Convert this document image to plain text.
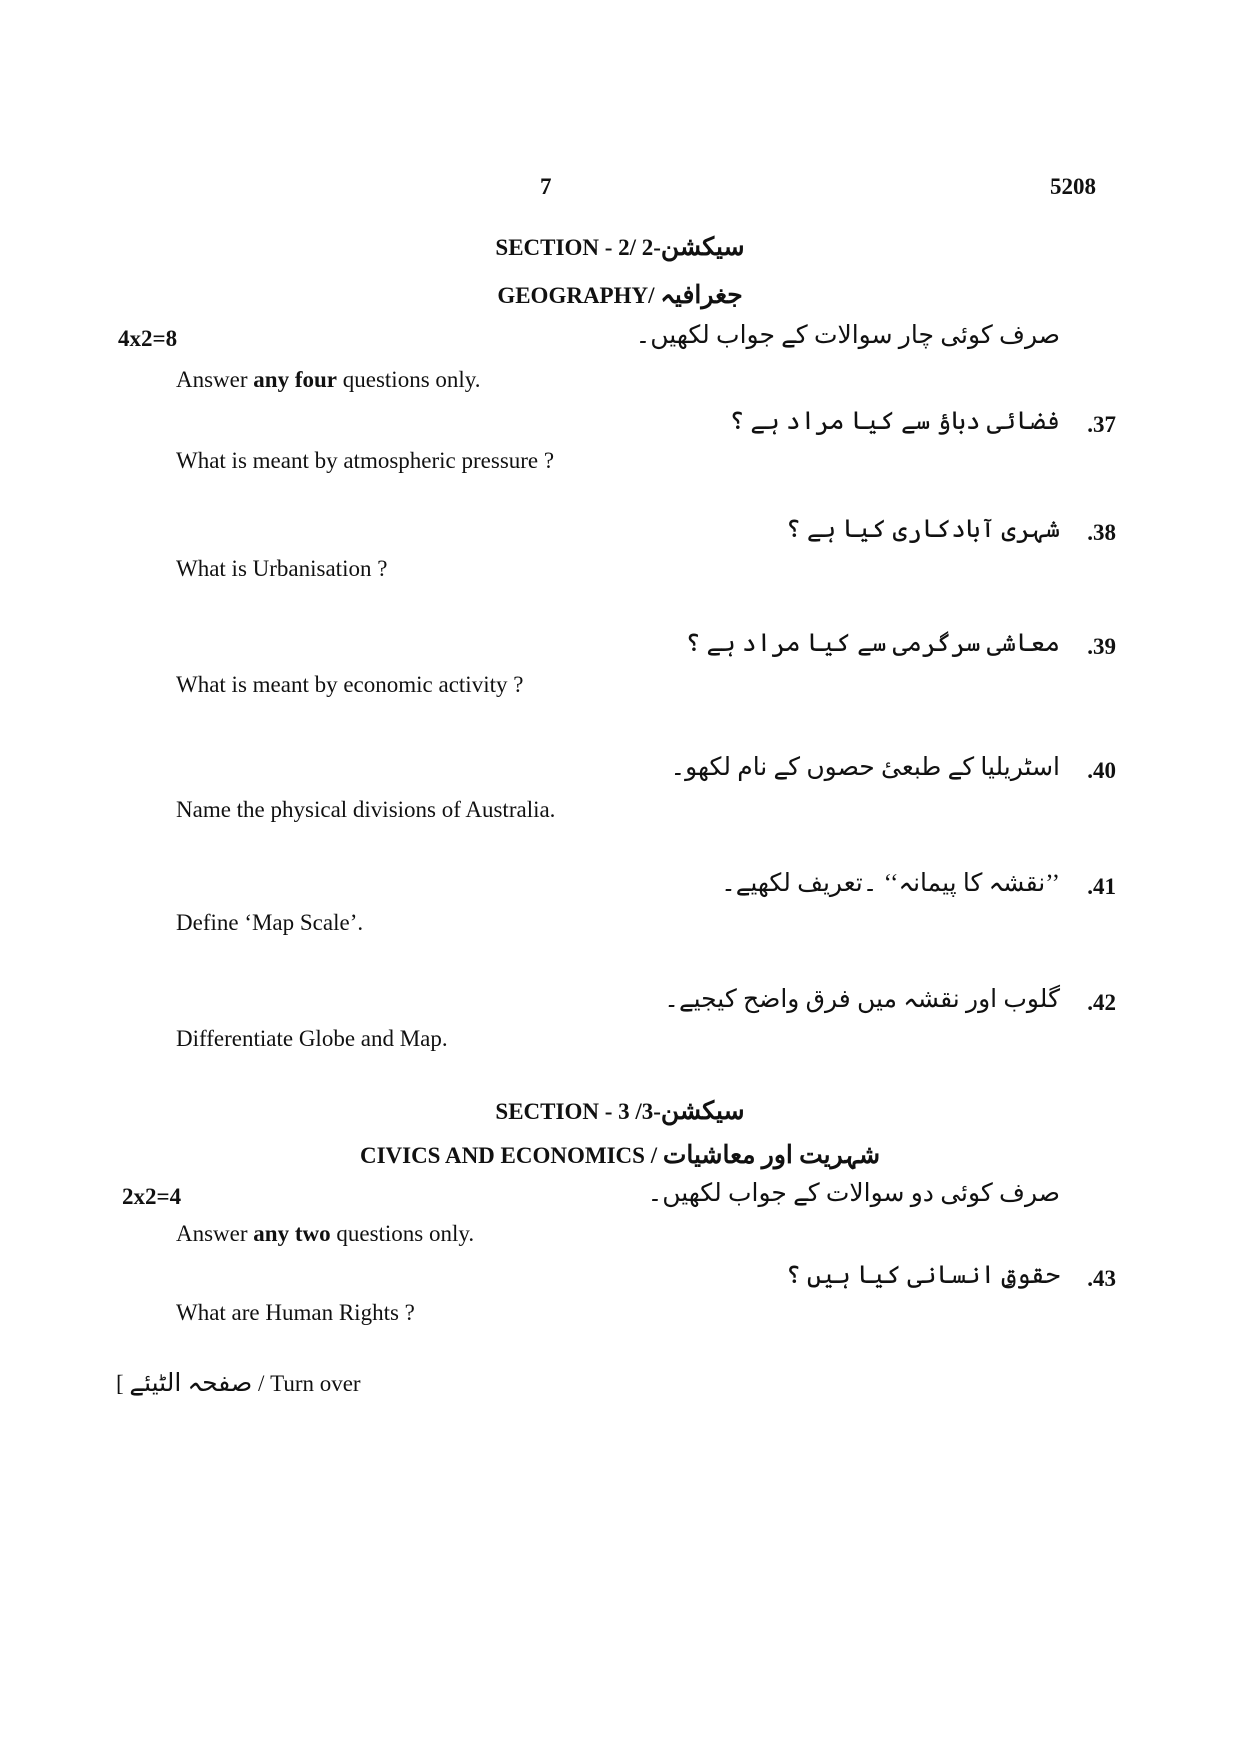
7	5208
SECTION - 2/ 2-سیکشن
GEOGRAPHY/ جغرافیہ
4x2=8	صرف کوئی چار سوالات کے جواب لکھیں۔
Answer any four questions only.
.37
فضائی دباؤ سے کیا مراد ہے ؟
What is meant by atmospheric pressure ?
.38
شہری آبادکاری کیا ہے ؟
What is Urbanisation ?
.39
معاشی سرگرمی سے کیا مراد ہے ؟
What is meant by economic activity ?
.40
اسٹریلیا کے طبعیٔ حصوں کے نام لکھو۔
Name the physical divisions of Australia.
.41
’’نقشہ کا پیمانہ‘‘ ۔تعریف لکھیے۔
Define ‘Map Scale’.
.42
گلوب اور نقشہ میں فرق واضح کیجیے۔
Differentiate Globe and Map.
SECTION - 3 /3-سیکشن
CIVICS AND ECONOMICS / شہریت اور معاشیات
2x2=4	صرف کوئی دو سوالات کے جواب لکھیں۔
Answer any two questions only.
.43
حقوقِ انسانی کیا ہیں ؟
What are Human Rights ?
[ صفحہ الٹیئے / Turn over
